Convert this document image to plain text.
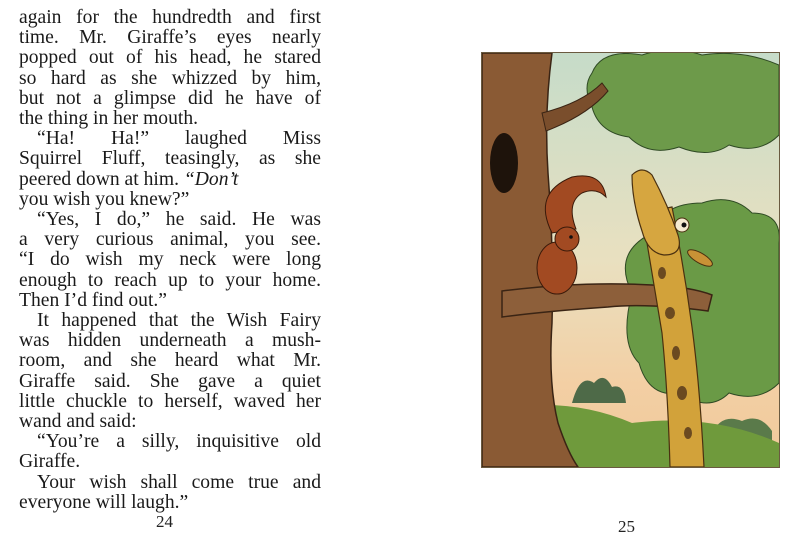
again for the hundredth and first
time. Mr. Giraffe’s eyes nearly
popped out of his head, he stared
so hard as she whizzed by him,
but not a glimpse did he have of
the thing in her mouth.
“Ha! Ha!” laughed Miss
Squirrel Fluff, teasingly, as she
peered down at him. “Don’t
you wish you knew?”
“Yes, I do,” he said. He was
a very curious animal, you see.
“I do wish my neck were long
enough to reach up to your home.
Then I’d find out.”
It happened that the Wish Fairy
was hidden underneath a mush-
room, and she heard what Mr.
Giraffe said. She gave a quiet
little chuckle to herself, waved her
wand and said:
“You’re a silly, inquisitive old
Giraffe.
Your wish shall come true and
everyone will laugh.”
24	25
